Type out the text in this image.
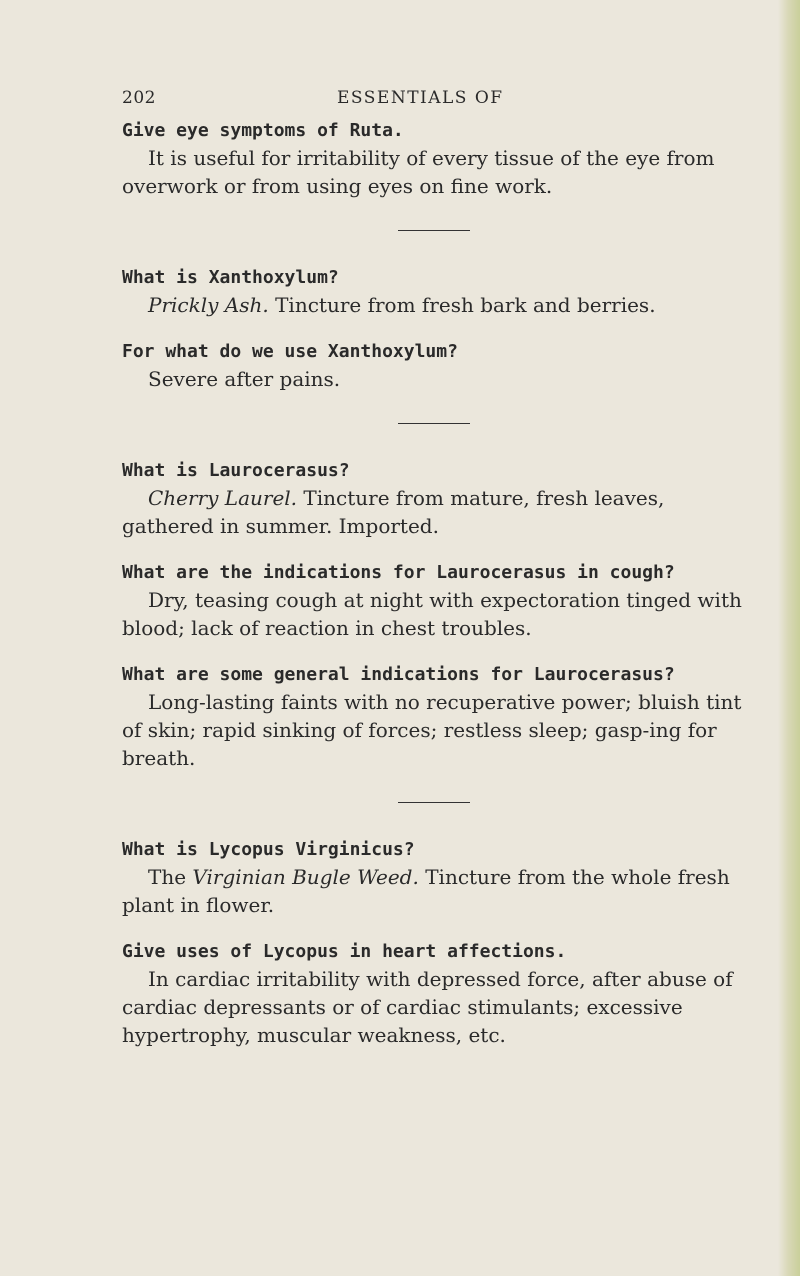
202	ESSENTIALS OF

Give eye symptoms of Ruta.

It is useful for irritability of every tissue of the eye from overwork or from using eyes on fine work.

What is Xanthoxylum?

Prickly Ash. Tincture from fresh bark and berries.

For what do we use Xanthoxylum?

Severe after pains.

What is Laurocerasus?

Cherry Laurel. Tincture from mature, fresh leaves, gathered in summer. Imported.

What are the indications for Laurocerasus in cough?

Dry, teasing cough at night with expectoration tinged with blood; lack of reaction in chest troubles.

What are some general indications for Laurocerasus?

Long-lasting faints with no recuperative power; bluish tint of skin; rapid sinking of forces; restless sleep; gasp-ing for breath.

What is Lycopus Virginicus?

The Virginian Bugle Weed. Tincture from the whole fresh plant in flower.

Give uses of Lycopus in heart affections.

In cardiac irritability with depressed force, after abuse of cardiac depressants or of cardiac stimulants; excessive hypertrophy, muscular weakness, etc.
